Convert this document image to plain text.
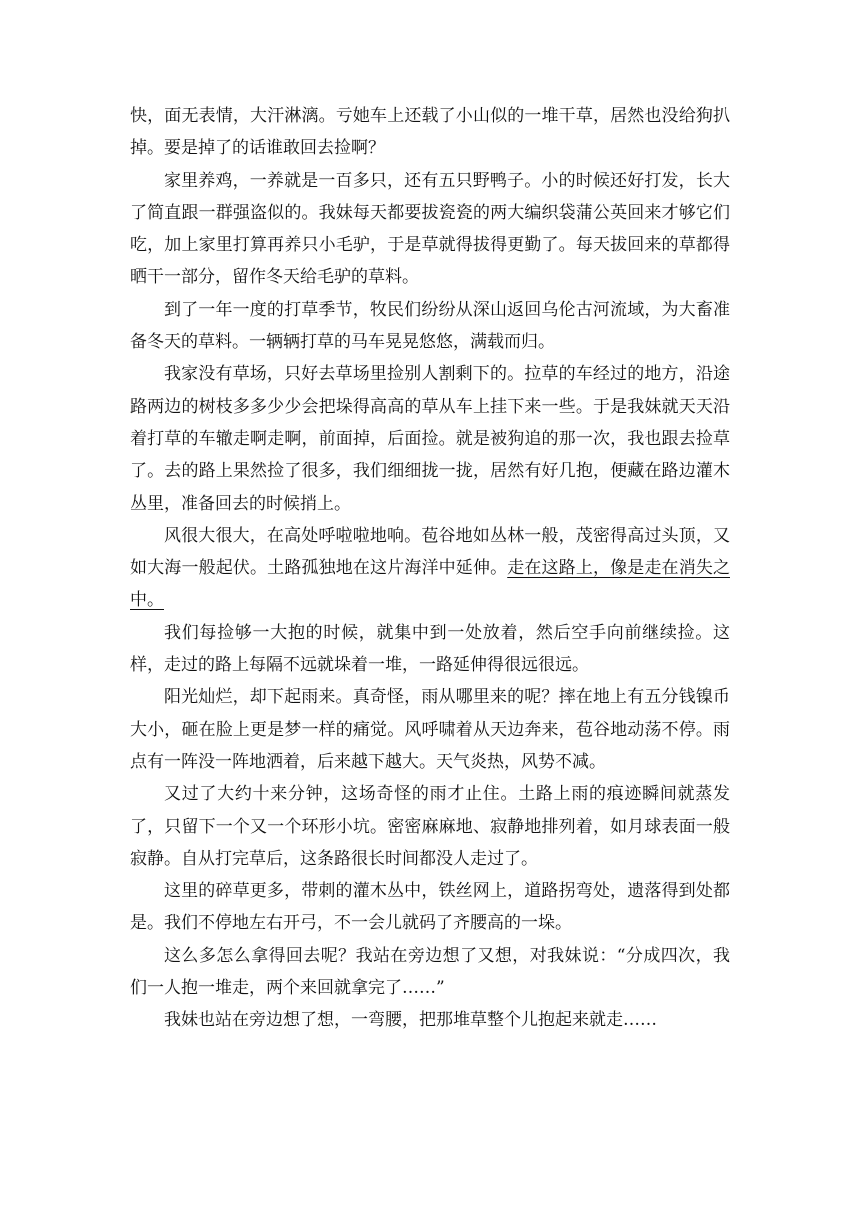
快，面无表情，大汗淋漓。亏她车上还载了小山似的一堆干草，居然也没给狗扒掉。要是掉了的话谁敢回去捡啊？

家里养鸡，一养就是一百多只，还有五只野鸭子。小的时候还好打发，长大了简直跟一群强盗似的。我妹每天都要拔瓷瓷的两大编织袋蒲公英回来才够它们吃，加上家里打算再养只小毛驴，于是草就得拔得更勤了。每天拔回来的草都得晒干一部分，留作冬天给毛驴的草料。

到了一年一度的打草季节，牧民们纷纷从深山返回乌伦古河流域，为大畜准备冬天的草料。一辆辆打草的马车晃晃悠悠，满载而归。

我家没有草场，只好去草场里捡别人割剩下的。拉草的车经过的地方，沿途路两边的树枝多多少少会把垛得高高的草从车上挂下来一些。于是我妹就天天沿着打草的车辙走啊走啊，前面掉，后面捡。就是被狗追的那一次，我也跟去捡草了。去的路上果然捡了很多，我们细细拢一拢，居然有好几抱，便藏在路边灌木丛里，准备回去的时候捎上。

风很大很大，在高处呼啦啦地响。苞谷地如丛林一般，茂密得高过头顶，又如大海一般起伏。土路孤独地在这片海洋中延伸。走在这路上，像是走在消失之中。

我们每捡够一大抱的时候，就集中到一处放着，然后空手向前继续捡。这样，走过的路上每隔不远就垛着一堆，一路延伸得很远很远。

阳光灿烂，却下起雨来。真奇怪，雨从哪里来的呢？摔在地上有五分钱镍币大小，砸在脸上更是梦一样的痛觉。风呼啸着从天边奔来，苞谷地动荡不停。雨点有一阵没一阵地洒着，后来越下越大。天气炎热，风势不减。

又过了大约十来分钟，这场奇怪的雨才止住。土路上雨的痕迹瞬间就蒸发了，只留下一个又一个环形小坑。密密麻麻地、寂静地排列着，如月球表面一般寂静。自从打完草后，这条路很长时间都没人走过了。

这里的碎草更多，带刺的灌木丛中，铁丝网上，道路拐弯处，遗落得到处都是。我们不停地左右开弓，不一会儿就码了齐腰高的一垛。

这么多怎么拿得回去呢？我站在旁边想了又想，对我妹说：“分成四次，我们一人抱一堆走，两个来回就拿完了……”

我妹也站在旁边想了想，一弯腰，把那堆草整个儿抱起来就走……
